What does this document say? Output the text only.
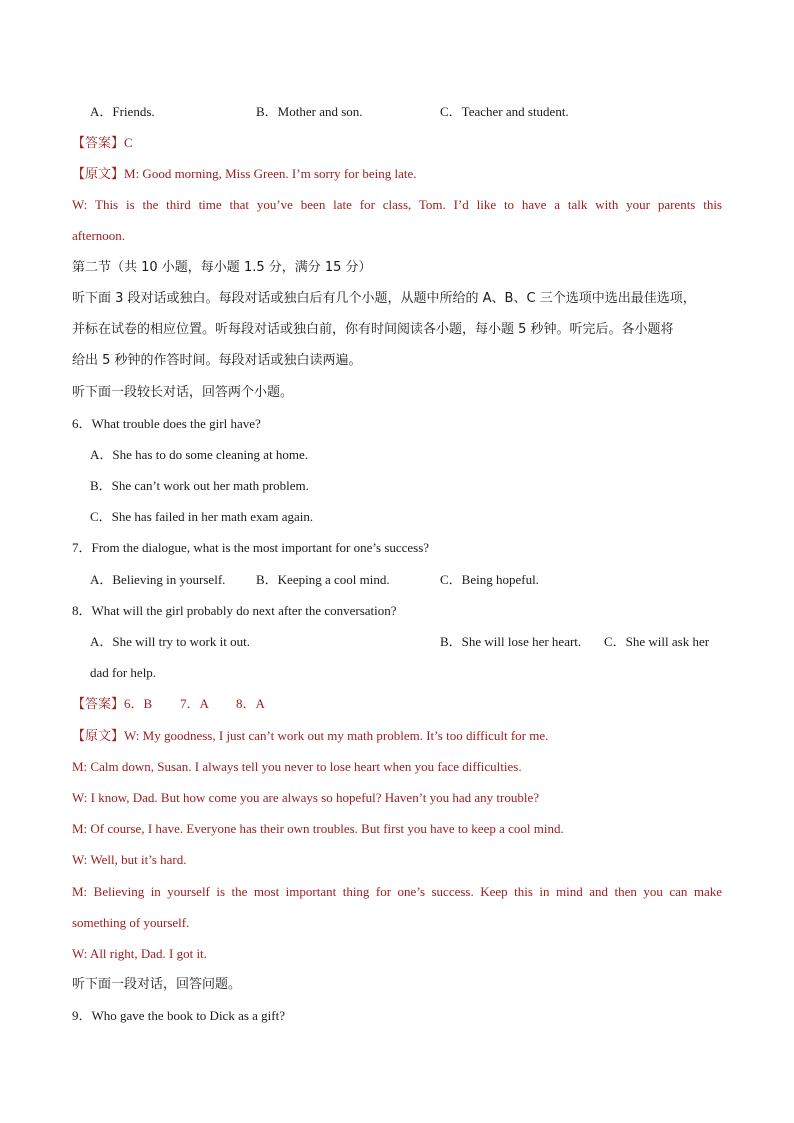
A．Friends.	B．Mother and son.	C．Teacher and student.
【答案】C
【原文】M: Good morning, Miss Green. I’m sorry for being late.
W: This is the third time that you’ve been late for class, Tom. I’d like to have a talk with your parents this
afternoon.
第二节（共 10 小题，每小题 1.5 分，满分 15 分）
听下面 3 段对话或独白。每段对话或独白后有几个小题，从题中所给的 A、B、C 三个选项中选出最佳选项，
并标在试卷的相应位置。听每段对话或独白前，你有时间阅读各小题，每小题 5 秒钟。听完后。各小题将
给出 5 秒钟的作答时间。每段对话或独白读两遍。
听下面一段较长对话，回答两个小题。
6．What trouble does the girl have?
A．She has to do some cleaning at home.
B．She can’t work out her math problem.
C．She has failed in her math exam again.
7．From the dialogue, what is the most important for one’s success?
A．Believing in yourself. B．Keeping a cool mind.	C．Being hopeful.
8．What will the girl probably do next after the conversation?
A．She will try to work it out.	B．She will lose her heart. C．She will ask her
dad for help.
【答案】6．B 7．A 8．A
【原文】W: My goodness, I just can’t work out my math problem. It’s too difficult for me.
M: Calm down, Susan. I always tell you never to lose heart when you face difficulties.
W: I know, Dad. But how come you are always so hopeful? Haven’t you had any trouble?
M: Of course, I have. Everyone has their own troubles. But first you have to keep a cool mind.
W: Well, but it’s hard.
M: Believing in yourself is the most important thing for one’s success. Keep this in mind and then you can make
something of yourself.
W: All right, Dad. I got it.
听下面一段对话，回答问题。
9．Who gave the book to Dick as a gift?
